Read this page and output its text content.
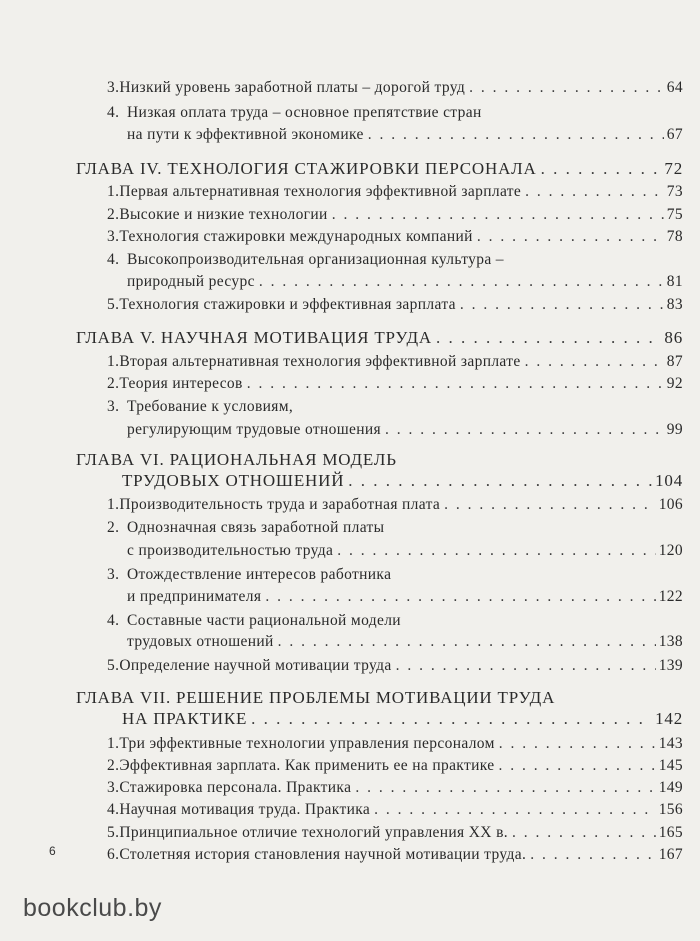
3. Низкий уровень заработной платы – дорогой труд . . .	64
4. Низкая оплата труда – основное препятствие стран
на пути к эффективной экономике . . .	67
ГЛАВА IV. ТЕХНОЛОГИЯ СТАЖИРОВКИ ПЕРСОНАЛА . . .	72
1. Первая альтернативная технология эффективной зарплате . . .	73
2. Высокие и низкие технологии . . .	75
3. Технология стажировки международных компаний . . .	78
4. Высокопроизводительная организационная культура –
природный ресурс . . .	81
5. Технология стажировки и эффективная зарплата . . .	83
ГЛАВА V. НАУЧНАЯ МОТИВАЦИЯ ТРУДА . . .	86
1. Вторая альтернативная технология эффективной зарплате . . .	87
2. Теория интересов . . .	92
3. Требование к условиям,
регулирующим трудовые отношения . . .	99
ГЛАВА VI. РАЦИОНАЛЬНАЯ МОДЕЛЬ
ТРУДОВЫХ ОТНОШЕНИЙ . . .	104
1. Производительность труда и заработная плата . . .	106
2. Однозначная связь заработной платы
с производительностью труда . . .	120
3. Отождествление интересов работника
и предпринимателя . . .	122
4. Составные части рациональной модели
трудовых отношений . . .	138
5. Определение научной мотивации труда . . .	139
ГЛАВА VII. РЕШЕНИЕ ПРОБЛЕМЫ МОТИВАЦИИ ТРУДА
НА ПРАКТИКЕ . . .	142
1. Три эффективные технологии управления персоналом . . .	143
2. Эффективная зарплата. Как применить ее на практике . . .	145
3. Стажировка персонала. Практика . . .	149
4. Научная мотивация труда. Практика . . .	156
5. Принципиальное отличие технологий управления XX в. . . .	165
6. Столетняя история становления научной мотивации труда. . . .	167
6
bookclub.by
